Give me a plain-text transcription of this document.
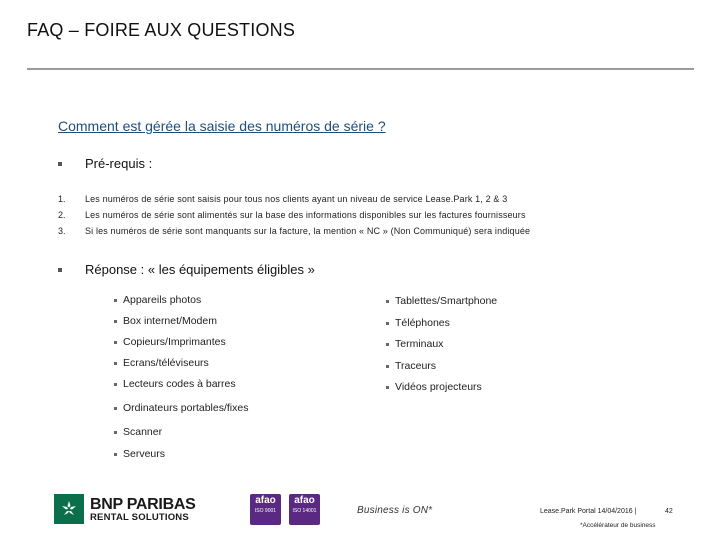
FAQ – FOIRE AUX QUESTIONS
Comment est gérée la saisie des numéros de série ?
Pré-requis :
1. Les numéros de série sont saisis pour tous nos clients ayant un niveau de service Lease.Park 1, 2 & 3
2. Les numéros de série sont alimentés sur la base des informations disponibles sur les factures fournisseurs
3. Si les numéros de série sont manquants sur la facture, la mention « NC » (Non Communiqué) sera indiquée
Réponse : « les équipements éligibles »
Appareils photos
Box internet/Modem
Copieurs/Imprimantes
Ecrans/téléviseurs
Lecteurs codes à barres
Ordinateurs portables/fixes
Scanner
Serveurs
Tablettes/Smartphone
Téléphones
Terminaux
Traceurs
Vidéos projecteurs
BNP PARIBAS
RENTAL SOLUTIONS
afao
ISO 9001
afao
ISO 14001	Business is ON*	Lease.Park Portal 14/04/2016 |	42
*Accélérateur de business
